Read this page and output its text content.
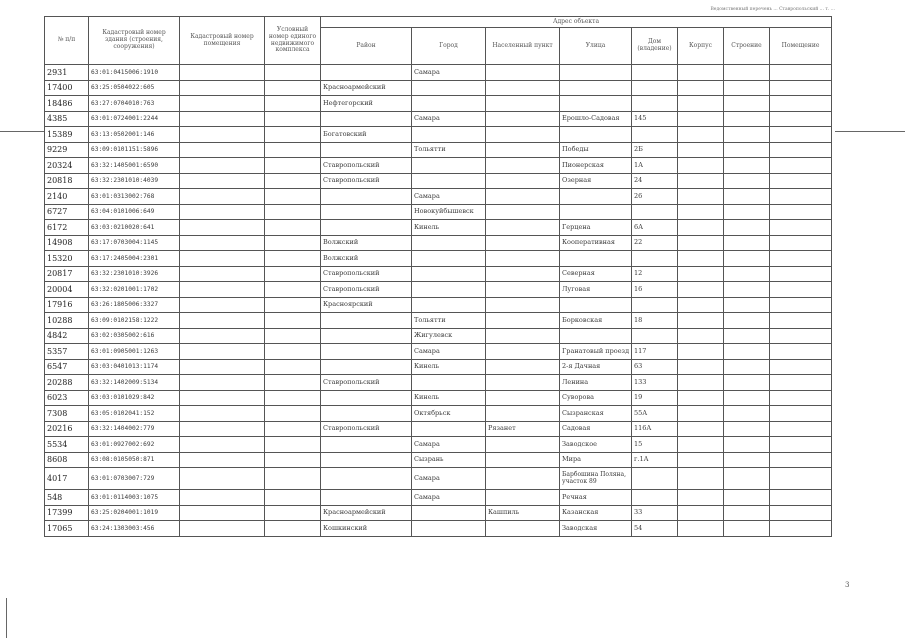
Ведомственный перечень ... Ставропольский ... т. ...
№ п/п	Кадастровый номер здания (строения, сооружения)	Кадастровый номер помещения	Условный номер единого недвижимого комплекса	Адрес объекта							
				Район	Город	Населенный пункт	Улица	Дом (владение)	Корпус	Строение	Помещение
2931	63:01:0415006:1910				Самара						
17400	63:25:0504022:605			Красноармейский							
18486	63:27:0704010:763			Нефтегорский							
4385	63:01:0724001:2244				Самара		Ерошло-Садовая	145			
15389	63:13:0502001:146			Богатовский							
9229	63:09:0101151:5896				Тольятти		Победы	2Б			
20324	63:32:1405001:6590			Ставропольский			Пионерская	1А			
20818	63:32:2301010:4039			Ставропольский			Озерная	24			
2140	63:01:0313002:768				Самара			26			
6727	63:04:0101006:649				Новокуйбышевск						
6172	63:03:0210020:641				Кинель		Герцена	6А			
14908	63:17:0703004:1145			Волжский			Кооперативная	22			
15320	63:17:2405004:2301			Волжский							
20817	63:32:2301010:3926			Ставропольский			Северная	12			
20004	63:32:0201001:1702			Ставропольский			Луговая	16			
17916	63:26:1805006:3327			Красноярский							
10288	63:09:0102158:1222				Тольятти		Борковская	18			
4842	63:02:0305002:616				Жигулевск						
5357	63:01:0905001:1263				Самара		Гранатовый проезд	117			
6547	63:03:0401013:1174				Кинель		2-я Дачная	63			
20288	63:32:1402009:5134			Ставропольский			Ленина	133			
6023	63:03:0101029:842				Кинель		Суворова	19			
7308	63:05:0102041:152				Октябрьск		Сызранская	55А			
20216	63:32:1404002:779			Ставропольский		Рязанет	Садовая	116А			
5534	63:01:0927002:692				Самара		Заводское	15			
8608	63:08:0105050:871				Сызрань		Мира	г.1А			
4017	63:01:0703007:729				Самара		Барбошина Поляна, участок 89				
548	63:01:0114003:1075				Самара		Речная				
17399	63:25:0204001:1019			Красноармейский		Кашпиль	Казанская	33			
17065	63:24:1303003:456			Кошкинский			Заводская	54			
3
